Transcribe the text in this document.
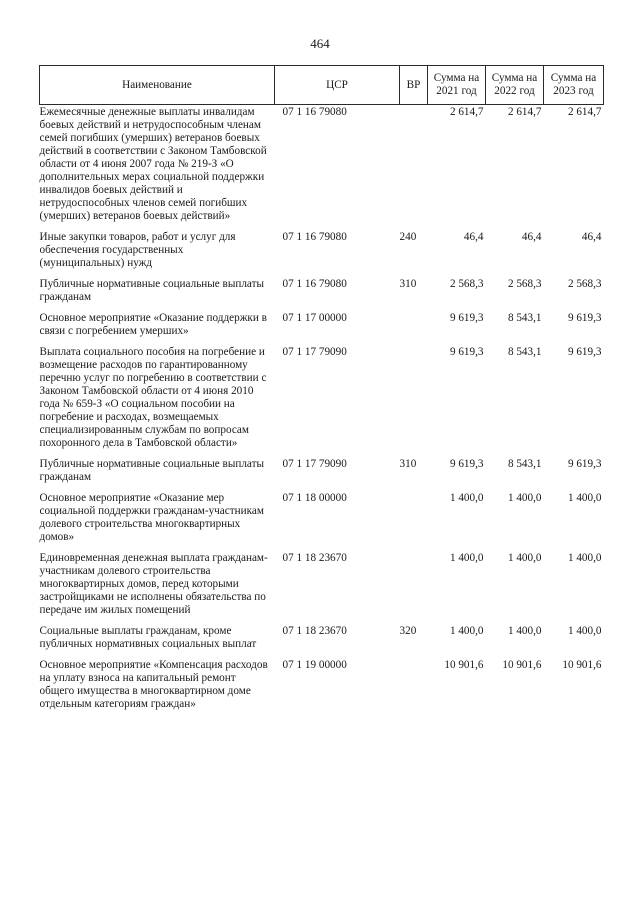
464
Наименование	ЦСР	ВР	Сумма на 2021 год	Сумма на 2022 год	Сумма на 2023 год
Ежемесячные денежные выплаты инвалидам боевых действий и нетрудоспособным членам семей погибших (умерших) ветеранов боевых действий в соответствии с Законом Тамбовской области от 4 июня 2007 года № 219-З «О дополнительных мерах социальной поддержки инвалидов боевых действий и нетрудоспособных членов семей погибших (умерших) ветеранов боевых действий»	07 1 16 79080		2 614,7	2 614,7	2 614,7
Иные закупки товаров, работ и услуг для обеспечения государственных (муниципальных) нужд	07 1 16 79080	240	46,4	46,4	46,4
Публичные нормативные социальные выплаты гражданам	07 1 16 79080	310	2 568,3	2 568,3	2 568,3
Основное мероприятие «Оказание поддержки в связи с погребением умерших»	07 1 17 00000		9 619,3	8 543,1	9 619,3
Выплата социального пособия на погребение и возмещение расходов по гарантированному перечню услуг по погребению в соответствии с Законом Тамбовской области от 4 июня 2010 года № 659-З «О социальном пособии на погребение и расходах, возмещаемых специализированным службам по вопросам похоронного дела в Тамбовской области»	07 1 17 79090		9 619,3	8 543,1	9 619,3
Публичные нормативные социальные выплаты гражданам	07 1 17 79090	310	9 619,3	8 543,1	9 619,3
Основное мероприятие «Оказание мер социальной поддержки гражданам-участникам долевого строительства многоквартирных домов»	07 1 18 00000		1 400,0	1 400,0	1 400,0
Единовременная денежная выплата гражданам-участникам долевого строительства многоквартирных домов, перед которыми застройщиками не исполнены обязательства по передаче им жилых помещений	07 1 18 23670		1 400,0	1 400,0	1 400,0
Социальные выплаты гражданам, кроме публичных нормативных социальных выплат	07 1 18 23670	320	1 400,0	1 400,0	1 400,0
Основное мероприятие «Компенсация расходов на уплату взноса на капитальный ремонт общего имущества в многоквартирном доме отдельным категориям граждан»	07 1 19 00000		10 901,6	10 901,6	10 901,6
